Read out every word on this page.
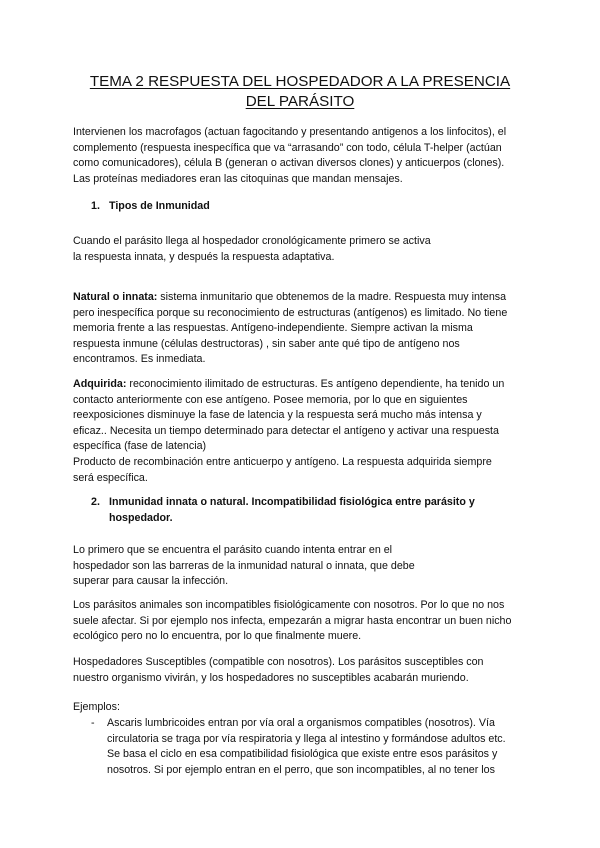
TEMA 2 RESPUESTA DEL HOSPEDADOR A LA PRESENCIA
DEL PARÁSITO

Intervienen los macrofagos (actuan fagocitando y presentando antigenos a los linfocitos), el

complemento (respuesta inespecífica que va “arrasando” con todo, célula T-helper (actúan

como comunicadores), célula B (generan o activan diversos clones) y anticuerpos (clones).

Las proteínas mediadores eran las citoquinas que mandan mensajes.

1. Tipos de Inmunidad

Cuando el parásito llega al hospedador cronológicamente primero se activa

la respuesta innata, y después la respuesta adaptativa.

Natural o innata: sistema inmunitario que obtenemos de la madre. Respuesta muy intensa

pero inespecífica porque su reconocimiento de estructuras (antígenos) es limitado. No tiene

memoria frente a las respuestas. Antígeno-independiente. Siempre activan la misma

respuesta inmune (células destructoras) , sin saber ante qué tipo de antígeno nos

encontramos. Es inmediata.

Adquirida: reconocimiento ilimitado de estructuras. Es antígeno dependiente, ha tenido un

contacto anteriormente con ese antígeno. Posee memoria, por lo que en siguientes

reexposiciones disminuye la fase de latencia y la respuesta será mucho más intensa y

eficaz.. Necesita un tiempo determinado para detectar el antígeno y activar una respuesta

específica (fase de latencia)

Producto de recombinación entre anticuerpo y antígeno. La respuesta adquirida siempre

será específica.

2. Inmunidad innata o natural. Incompatibilidad fisiológica entre parásito y
hospedador.

Lo primero que se encuentra el parásito cuando intenta entrar en el

hospedador son las barreras de la inmunidad natural o innata, que debe

superar para causar la infección.

Los parásitos animales son incompatibles fisiológicamente con nosotros. Por lo que no nos

suele afectar. Si por ejemplo nos infecta, empezarán a migrar hasta encontrar un buen nicho

ecológico pero no lo encuentra, por lo que finalmente muere.

Hospedadores Susceptibles (compatible con nosotros). Los parásitos susceptibles con

nuestro organismo vivirán, y los hospedadores no susceptibles acabarán muriendo.

Ejemplos:

-	Ascaris lumbricoides entran por vía oral a organismos compatibles (nosotros). Vía
circulatoria se traga por vía respiratoria y llega al intestino y formándose adultos etc.
Se basa el ciclo en esa compatibilidad fisiológica que existe entre esos parásitos y
nosotros. Si por ejemplo entran en el perro, que son incompatibles, al no tener los
